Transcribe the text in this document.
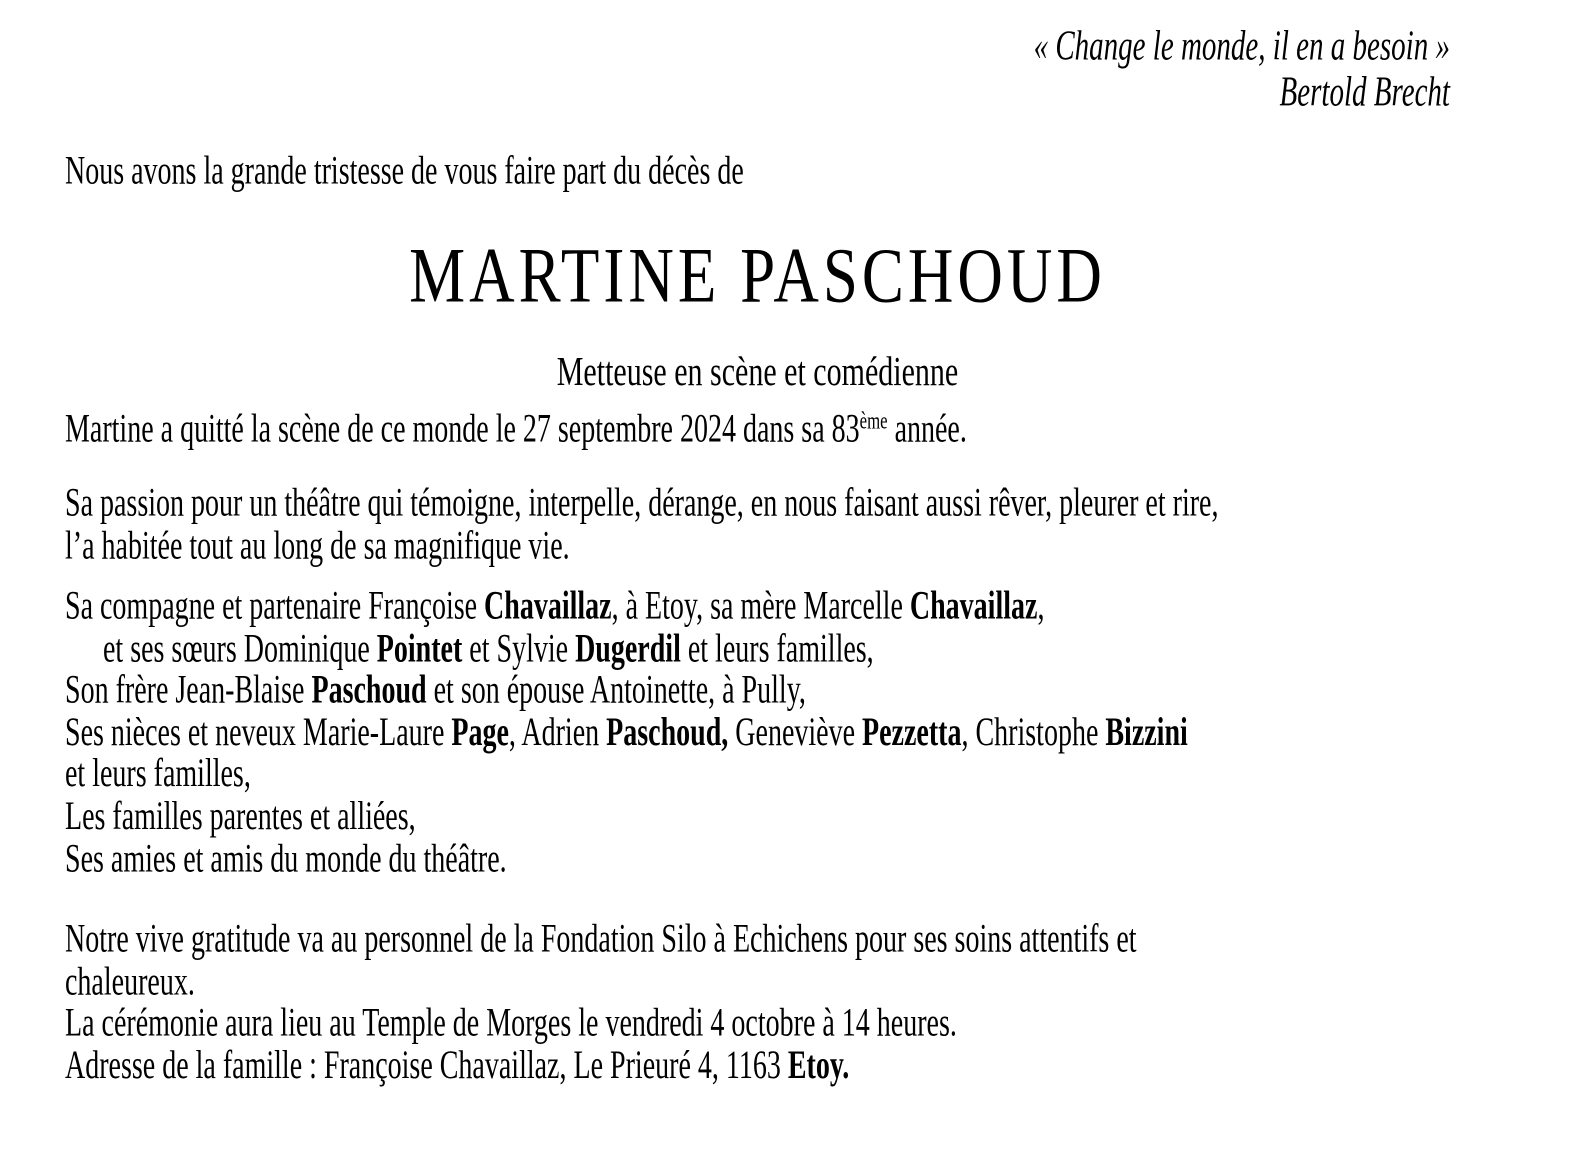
« Change le monde, il en a besoin »
Bertold Brecht
Nous avons la grande tristesse de vous faire part du décès de
MARTINE PASCHOUD
Metteuse en scène et comédienne
Martine a quitté la scène de ce monde le 27 septembre 2024 dans sa 83ème année.
Sa passion pour un théâtre qui témoigne, interpelle, dérange, en nous faisant aussi rêver, pleurer et rire,
l’a habitée tout au long de sa magnifique vie.
Sa compagne et partenaire Françoise Chavaillaz, à Etoy, sa mère Marcelle Chavaillaz,
et ses sœurs Dominique Pointet et Sylvie Dugerdil et leurs familles,
Son frère Jean-Blaise Paschoud et son épouse Antoinette, à Pully,
Ses nièces et neveux Marie-Laure Page, Adrien Paschoud, Geneviève Pezzetta, Christophe Bizzini
et leurs familles,
Les familles parentes et alliées,
Ses amies et amis du monde du théâtre.
Notre vive gratitude va au personnel de la Fondation Silo à Echichens pour ses soins attentifs et
chaleureux.
La cérémonie aura lieu au Temple de Morges le vendredi 4 octobre à 14 heures.
Adresse de la famille : Françoise Chavaillaz, Le Prieuré 4, 1163 Etoy.
